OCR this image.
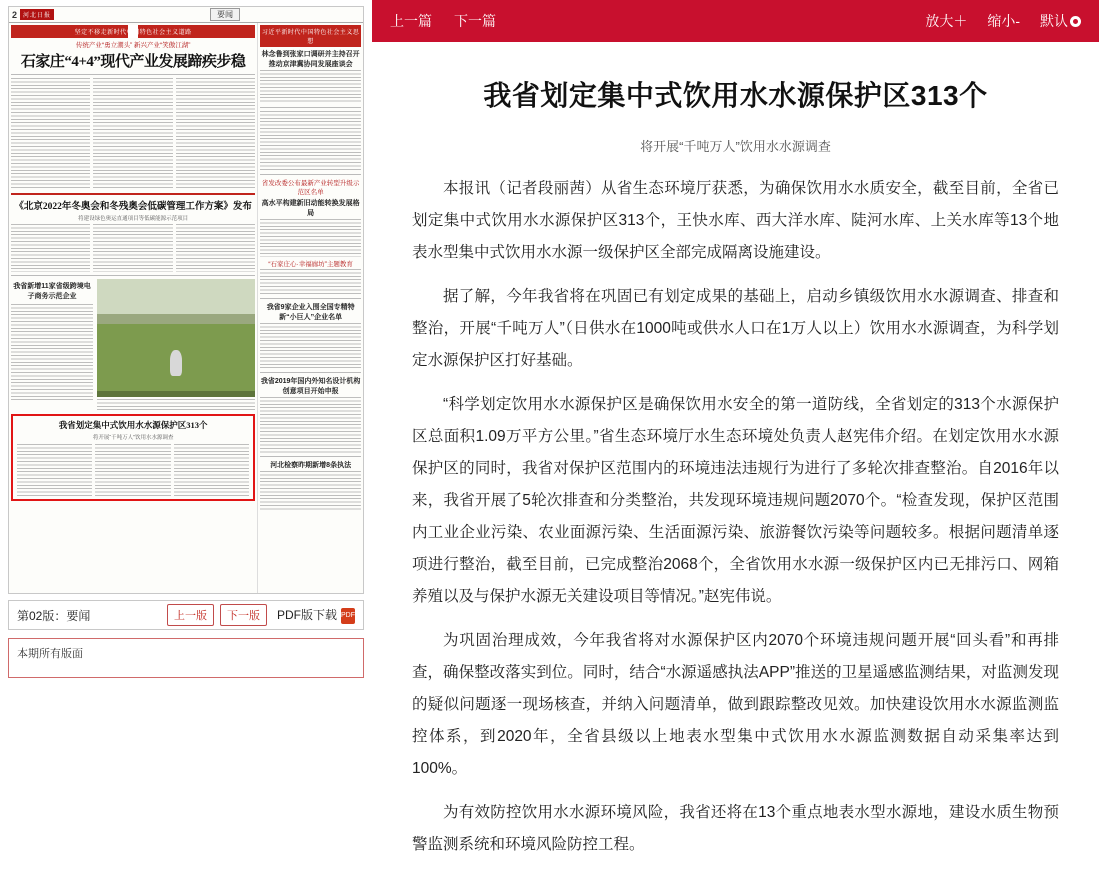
2	河北日报	要闻
坚定不移走新时代中国特色社会主义道路
传统产业“勇立潮头” 新兴产业“笑傲江湖”
石家庄“4+4”现代产业发展蹄疾步稳
《北京2022年冬奥会和冬残奥会低碳管理工作方案》发布
将建设绿色奥运直通项目等低碳能源示范项目
我省新增11家省级跨境电子商务示范企业
我省划定集中式饮用水水源保护区313个
将开展“千吨万人”饮用水水源调查
习近平新时代中国特色社会主义思想
林念鲁到张家口调研并主持召开推动京津冀协同发展座谈会
省发改委公布最新产业转型升级示范区名单
高水平构建新旧动能转换发展格局
“石家庄心·幸福廊坊”主题教育
我省9家企业入围全国专精特新“小巨人”企业名单
我省2019年国内外知名设计机构创意项目开始申报
河北检察昨期新增8条执法
第02版：要闻	上一版	下一版	PDF版下载 PDF
本期所有版面
上一篇 下一篇	放大＋ 缩小- 默认
我省划定集中式饮用水水源保护区313个
将开展“千吨万人”饮用水水源调查

本报讯（记者段丽茜）从省生态环境厅获悉，为确保饮用水水质安全，截至目前，全省已划定集中式饮用水水源保护区313个，王快水库、西大洋水库、陡河水库、上关水库等13个地表水型集中式饮用水水源一级保护区全部完成隔离设施建设。

据了解，今年我省将在巩固已有划定成果的基础上，启动乡镇级饮用水水源调查、排查和整治，开展“千吨万人”（日供水在1000吨或供水人口在1万人以上）饮用水水源调查，为科学划定水源保护区打好基础。

“科学划定饮用水水源保护区是确保饮用水安全的第一道防线，全省划定的313个水源保护区总面积1.09万平方公里。”省生态环境厅水生态环境处负责人赵宪伟介绍。在划定饮用水水源保护区的同时，我省对保护区范围内的环境违法违规行为进行了多轮次排查整治。自2016年以来，我省开展了5轮次排查和分类整治，共发现环境违规问题2070个。“检查发现，保护区范围内工业企业污染、农业面源污染、生活面源污染、旅游餐饮污染等问题较多。根据问题清单逐项进行整治，截至目前，已完成整治2068个，全省饮用水水源一级保护区内已无排污口、网箱养殖以及与保护水源无关建设项目等情况。”赵宪伟说。

为巩固治理成效，今年我省将对水源保护区内2070个环境违规问题开展“回头看”和再排查，确保整改落实到位。同时，结合“水源遥感执法APP”推送的卫星遥感监测结果，对监测发现的疑似问题逐一现场核查，并纳入问题清单，做到跟踪整改见效。加快建设饮用水水源监测监控体系，到2020年，全省县级以上地表水型集中式饮用水水源监测数据自动采集率达到100%。

为有效防控饮用水水源环境风险，我省还将在13个重点地表水型水源地，建设水质生物预警监测系统和环境风险防控工程。
